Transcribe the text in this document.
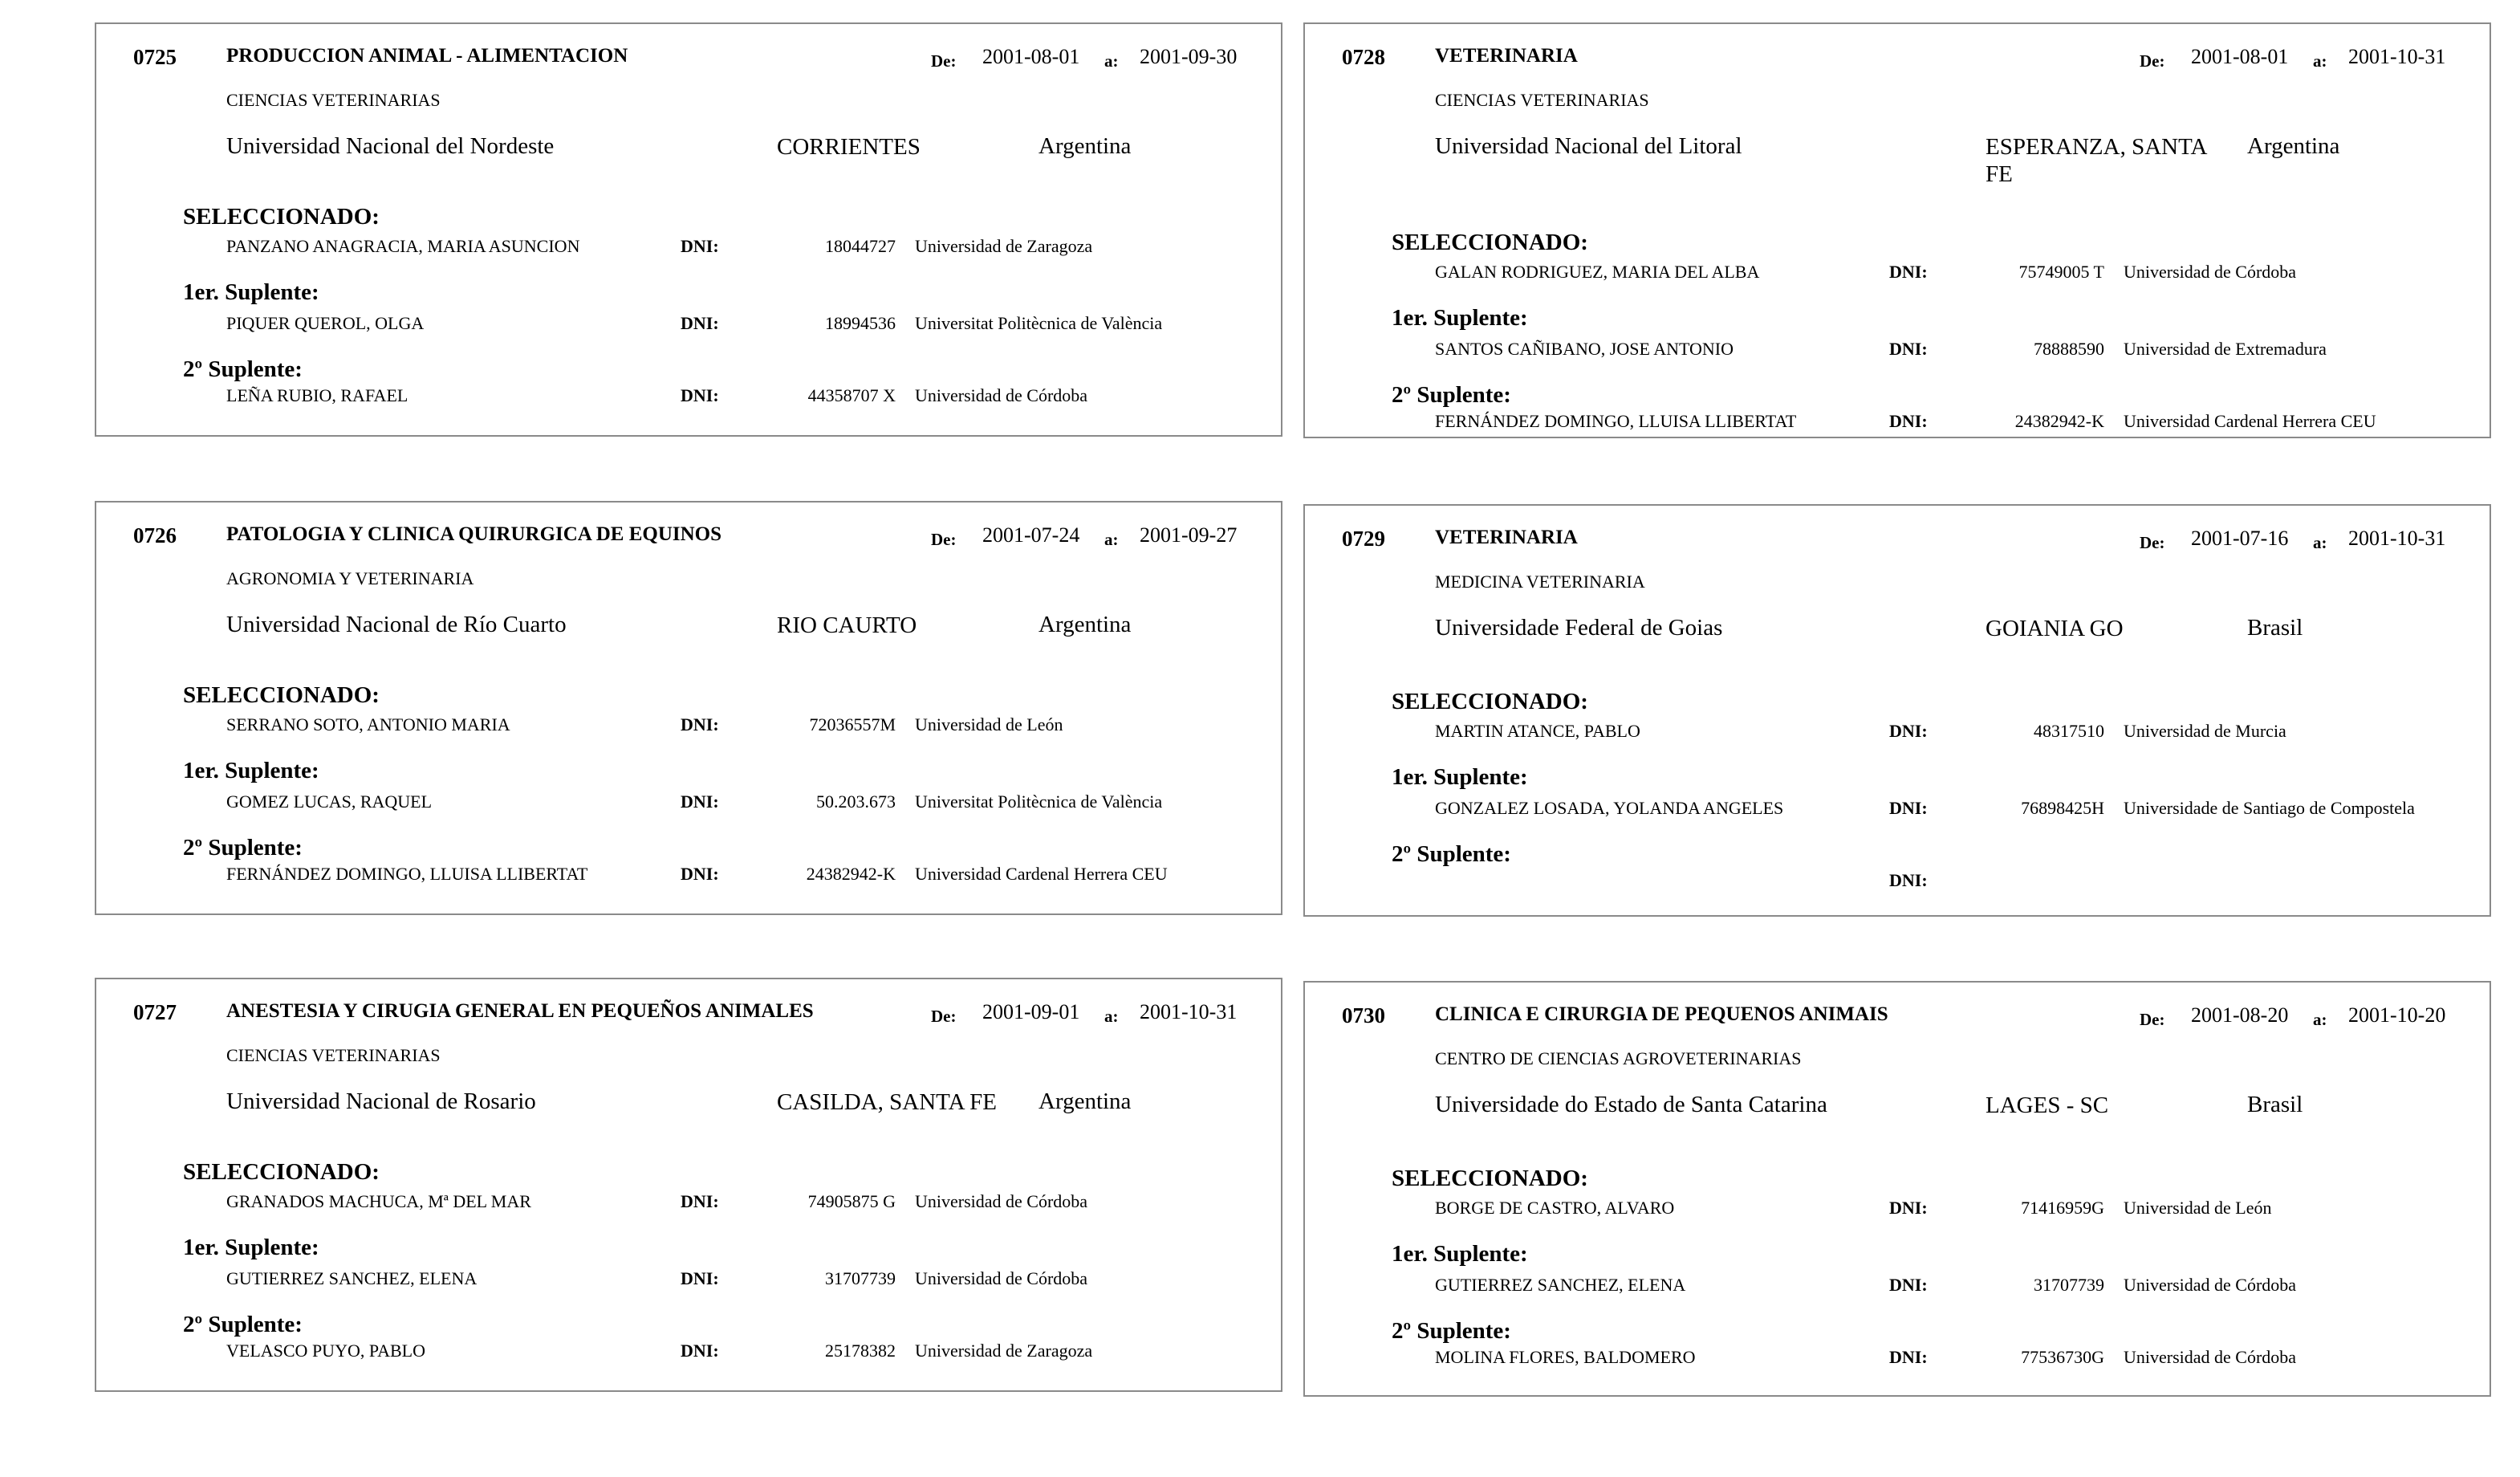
0725 PRODUCCION ANIMAL - ALIMENTACION	De: 2001-08-01 a: 2001-09-30
CIENCIAS VETERINARIAS
Universidad Nacional del Nordeste	CORRIENTES	Argentina
SELECCIONADO:
PANZANO ANAGRACIA, MARIA ASUNCION	DNI:	18044727 Universidad de Zaragoza
1er. Suplente:
PIQUER QUEROL, OLGA	DNI:	18994536 Universitat Politècnica de València
2º Suplente:
LEÑA RUBIO, RAFAEL	DNI:	44358707 X Universidad de Córdoba
0728 VETERINARIA	De: 2001-08-01 a: 2001-10-31
CIENCIAS VETERINARIAS
Universidad Nacional del Litoral	ESPERANZA, SANTA FE
Argentina
SELECCIONADO:
GALAN RODRIGUEZ, MARIA DEL ALBA	DNI:	75749005 T Universidad de Córdoba
1er. Suplente:
SANTOS CAÑIBANO, JOSE ANTONIO	DNI:	78888590 Universidad de Extremadura
2º Suplente:
FERNÁNDEZ DOMINGO, LLUISA LLIBERTAT	DNI:	24382942-K Universidad Cardenal Herrera CEU
0726 PATOLOGIA Y CLINICA QUIRURGICA DE EQUINOS	De: 2001-07-24 a: 2001-09-27
AGRONOMIA Y VETERINARIA
Universidad Nacional de Río Cuarto	RIO CAURTO	Argentina
SELECCIONADO:
SERRANO SOTO, ANTONIO MARIA	DNI:	72036557M Universidad de León
1er. Suplente:
GOMEZ LUCAS, RAQUEL	DNI:	50.203.673 Universitat Politècnica de València
2º Suplente:
FERNÁNDEZ DOMINGO, LLUISA LLIBERTAT	DNI:	24382942-K Universidad Cardenal Herrera CEU
0729 VETERINARIA	De: 2001-07-16 a: 2001-10-31
MEDICINA VETERINARIA
Universidade Federal de Goias	GOIANIA GO	Brasil
SELECCIONADO:
MARTIN ATANCE, PABLO	DNI:	48317510 Universidad de Murcia
1er. Suplente:
GONZALEZ LOSADA, YOLANDA ANGELES	DNI:	76898425H Universidade de Santiago de Compostela
2º Suplente:
DNI:
0727 ANESTESIA Y CIRUGIA GENERAL EN PEQUEÑOS ANIMALES	De: 2001-09-01 a: 2001-10-31
CIENCIAS VETERINARIAS
Universidad Nacional de Rosario	CASILDA, SANTA FE	Argentina
SELECCIONADO:
GRANADOS MACHUCA, Mª DEL MAR	DNI:	74905875 G Universidad de Córdoba
1er. Suplente:
GUTIERREZ SANCHEZ, ELENA	DNI:	31707739 Universidad de Córdoba
2º Suplente:
VELASCO PUYO, PABLO	DNI:	25178382 Universidad de Zaragoza
0730 CLINICA E CIRURGIA DE PEQUENOS ANIMAIS	De: 2001-08-20 a: 2001-10-20
CENTRO DE CIENCIAS AGROVETERINARIAS
Universidade do Estado de Santa Catarina	LAGES - SC	Brasil
SELECCIONADO:
BORGE DE CASTRO, ALVARO	DNI:	71416959G Universidad de León
1er. Suplente:
GUTIERREZ SANCHEZ, ELENA	DNI:	31707739 Universidad de Córdoba
2º Suplente:
MOLINA FLORES, BALDOMERO	DNI:	77536730G Universidad de Córdoba
